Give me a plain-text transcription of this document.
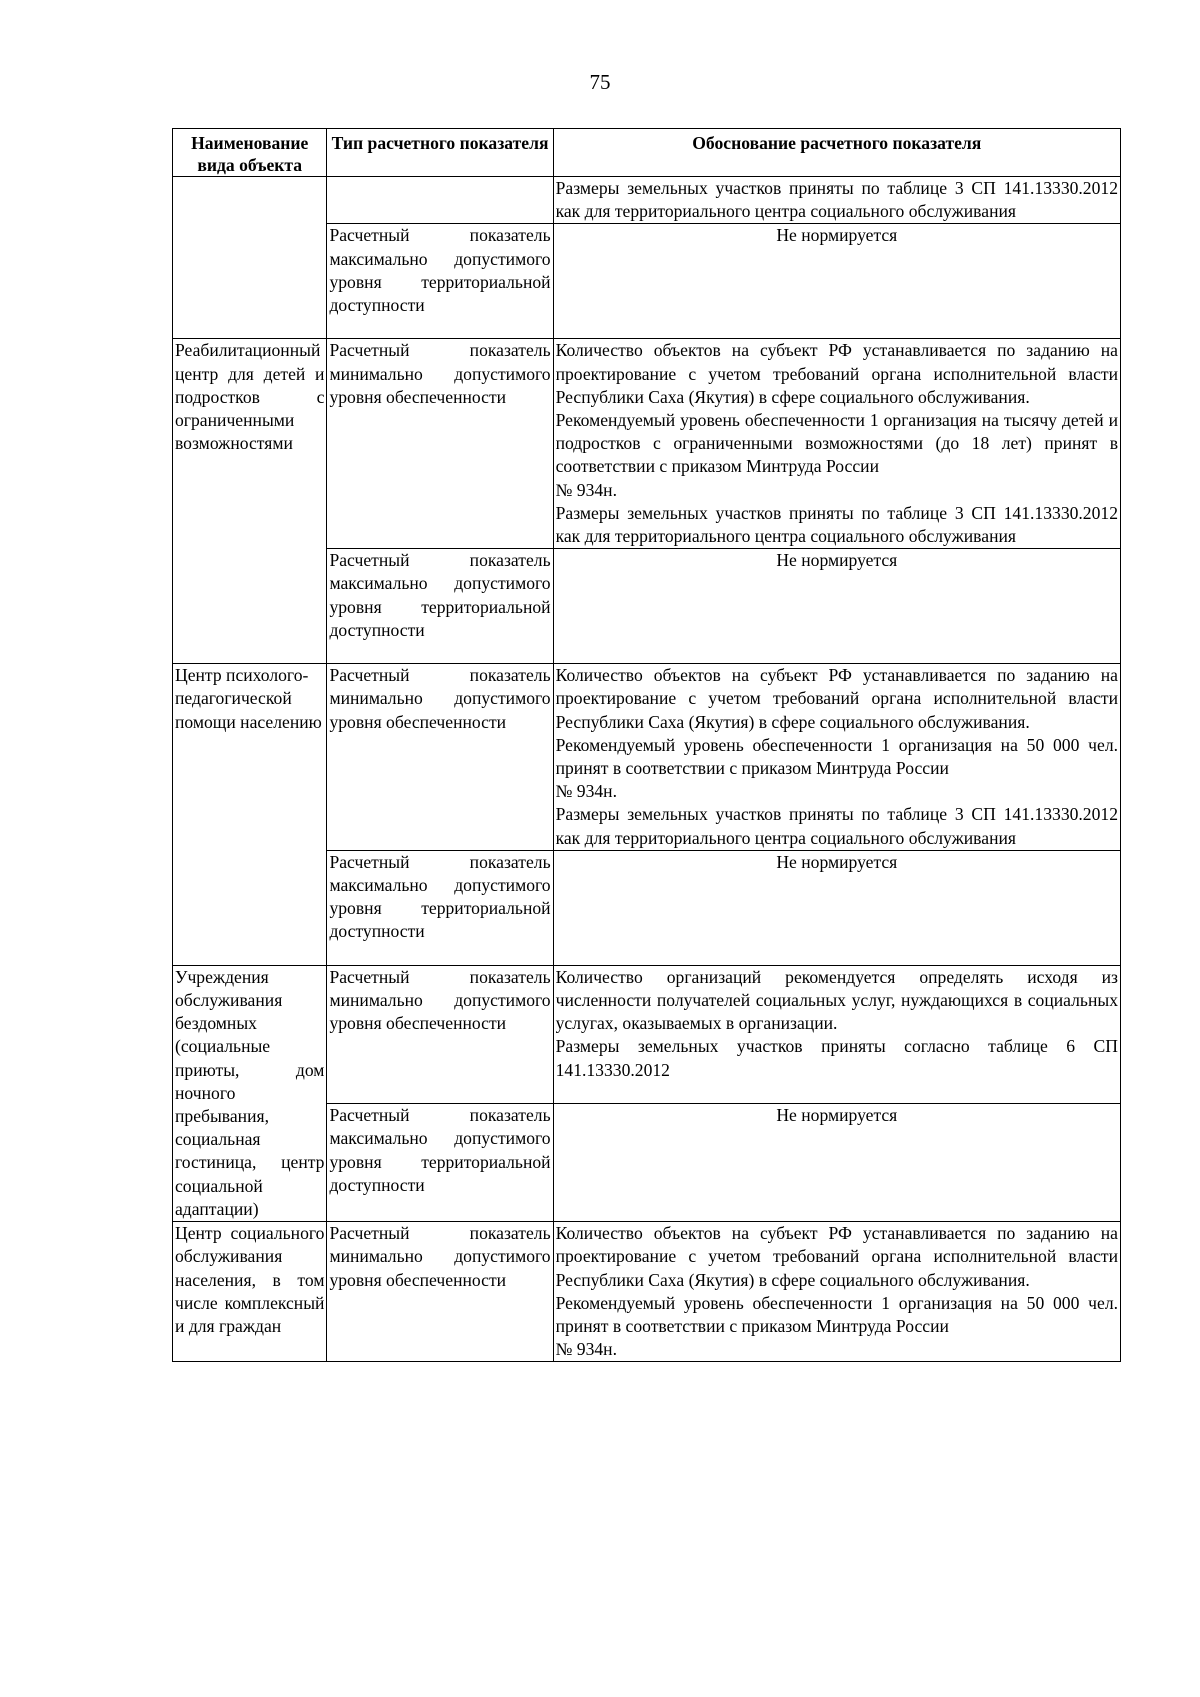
75
Наименование вида объекта	Тип расчетного показателя	Обоснование расчетного показателя
		Размеры земельных участков приняты по таблице 3 СП 141.13330.2012 как для территориального центра социального обслуживания
	Расчетный показатель максимально допустимого уровня территориальной доступности	Не нормируется
Реабилитационный центр для детей и подростков с ограниченными возможностями	Расчетный показатель минимально допустимого уровня обеспеченности	Количество объектов на субъект РФ устанавливается по заданию на проектирование с учетом требований органа исполнительной власти Республики Саха (Якутия) в сфере социального обслуживания.
Рекомендуемый уровень обеспеченности 1 организация на тысячу детей и подростков с ограниченными возможностями (до 18 лет) принят в соответствии с приказом Минтруда России
№ 934н.
Размеры земельных участков приняты по таблице 3 СП 141.13330.2012 как для территориального центра социального обслуживания

	Расчетный показатель максимально допустимого уровня территориальной доступности	Не нормируется
Центр психолого-педагогической помощи населению	Расчетный показатель минимально допустимого уровня обеспеченности	Количество объектов на субъект РФ устанавливается по заданию на проектирование с учетом требований органа исполнительной власти Республики Саха (Якутия) в сфере социального обслуживания.
Рекомендуемый уровень обеспеченности 1 организация на 50 000 чел. принят в соответствии с приказом Минтруда России
№ 934н.
Размеры земельных участков приняты по таблице 3 СП 141.13330.2012 как для территориального центра социального обслуживания

	Расчетный показатель максимально допустимого уровня территориальной доступности	Не нормируется
Учреждения обслуживания бездомных (социальные приюты, дом ночного пребывания, социальная гостиница, центр социальной адаптации)	Расчетный показатель минимально допустимого уровня обеспеченности	Количество организаций рекомендуется определять исходя из численности получателей социальных услуг, нуждающихся в социальных услугах, оказываемых в организации.
Размеры земельных участков приняты согласно таблице 6 СП 141.13330.2012

	Расчетный показатель максимально допустимого уровня территориальной доступности	Не нормируется
Центр социального обслуживания населения, в том числе комплексный и для граждан	Расчетный показатель минимально допустимого уровня обеспеченности	Количество объектов на субъект РФ устанавливается по заданию на проектирование с учетом требований органа исполнительной власти Республики Саха (Якутия) в сфере социального обслуживания.
Рекомендуемый уровень обеспеченности 1 организация на 50 000 чел. принят в соответствии с приказом Минтруда России
№ 934н.
